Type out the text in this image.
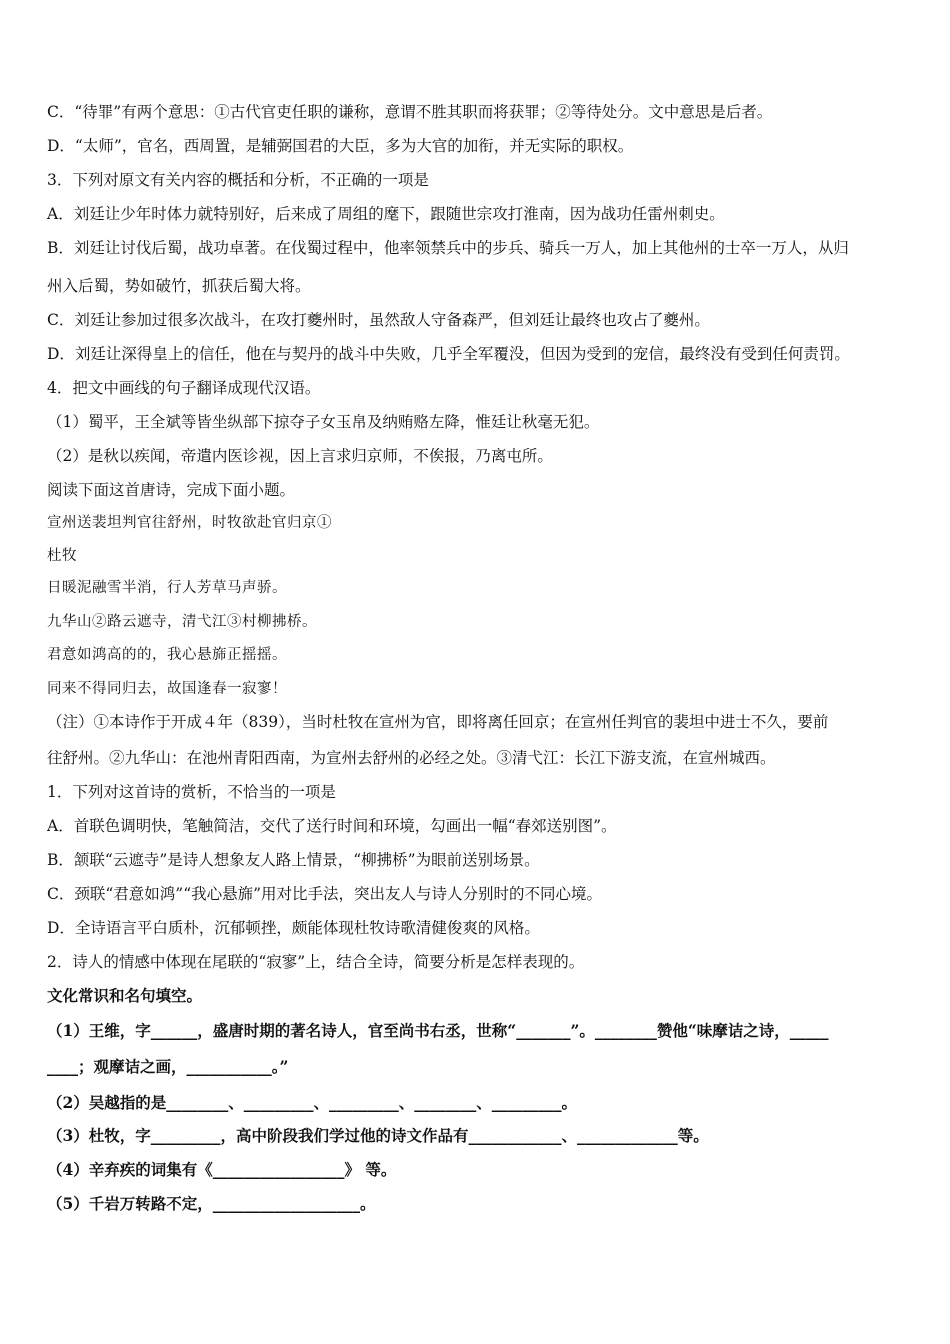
C．“待罪”有两个意思：①古代官吏任职的谦称，意谓不胜其职而将获罪；②等待处分。文中意思是后者。
D．“太师”，官名，西周置，是辅弼国君的大臣，多为大官的加衔，并无实际的职权。
3．下列对原文有关内容的概括和分析，不正确的一项是
A．刘廷让少年时体力就特别好，后来成了周组的麾下，跟随世宗攻打淮南，因为战功任雷州刺史。
B．刘廷让讨伐后蜀，战功卓著。在伐蜀过程中，他率领禁兵中的步兵、骑兵一万人，加上其他州的士卒一万人，从归
州入后蜀，势如破竹，抓获后蜀大将。
C．刘廷让参加过很多次战斗，在攻打夔州时，虽然敌人守备森严，但刘廷让最终也攻占了夔州。
D．刘廷让深得皇上的信任，他在与契丹的战斗中失败，几乎全军覆没，但因为受到的宠信，最终没有受到任何责罚。
4．把文中画线的句子翻译成现代汉语。
（1）蜀平，王全斌等皆坐纵部下掠夺子女玉帛及纳贿赂左降，惟廷让秋毫无犯。
（2）是秋以疾闻，帝遣内医诊视，因上言求归京师，不俟报，乃离屯所。
阅读下面这首唐诗，完成下面小题。
宣州送裴坦判官往舒州，时牧欲赴官归京①
杜牧
日暖泥融雪半消，行人芳草马声骄。
九华山②路云遮寺，清弋江③村柳拂桥。
君意如鸿高的的，我心悬旆正摇摇。
同来不得同归去，故国逢春一寂寥！
（注）①本诗作于开成４年（839），当时杜牧在宣州为官，即将离任回京；在宣州任判官的裴坦中进士不久，要前
往舒州。②九华山：在池州青阳西南，为宣州去舒州的必经之处。③清弋江：长江下游支流，在宣州城西。
1．下列对这首诗的赏析，不恰当的一项是
A．首联色调明快，笔触简洁，交代了送行时间和环境，勾画出一幅“春郊送别图”。
B．颔联“云遮寺”是诗人想象友人路上情景，“柳拂桥”为眼前送别场景。
C．颈联“君意如鸿”“我心悬旆”用对比手法，突出友人与诗人分别时的不同心境。
D．全诗语言平白质朴，沉郁顿挫，颇能体现杜牧诗歌清健俊爽的风格。
2．诗人的情感中体现在尾联的“寂寥”上，结合全诗，简要分析是怎样表现的。
文化常识和名句填空。
（1）王维，字______，盛唐时期的著名诗人，官至尚书右丞，世称“_______”。________赞他“味摩诘之诗，_____
____；观摩诘之画，___________。”
（2）吴越指的是________、_________、_________、________、_________。
（3）杜牧，字_________，高中阶段我们学过他的诗文作品有____________、_____________等。
（4）辛弃疾的词集有《_________________》 等。
（5）千岩万转路不定，___________________。
